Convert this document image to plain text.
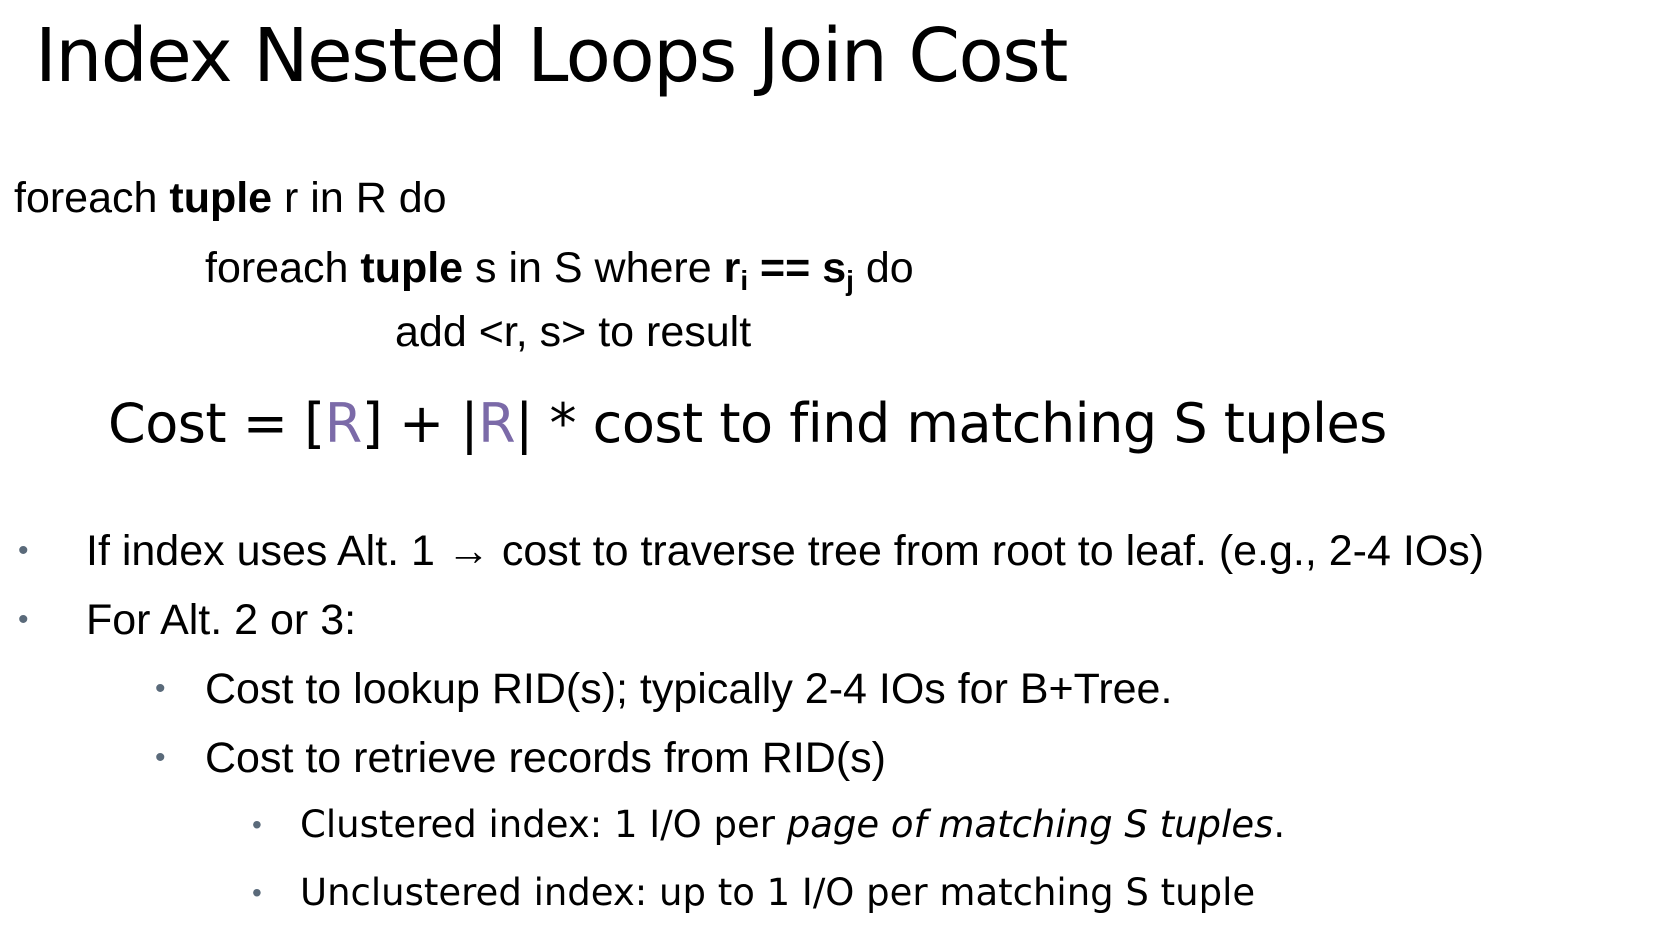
Index Nested Loops Join Cost
foreach tuple r in R do
foreach tuple s in S where $r_i == s_j$ do
add <r, s> to result
Cost = [R] + |R| * cost to find matching S tuples
• If index uses Alt. 1 → cost to traverse tree from root to leaf. (e.g., 2-4 IOs)
• For Alt. 2 or 3:
• Cost to lookup RID(s); typically 2-4 IOs for B+Tree.
• Cost to retrieve records from RID(s)
• Clustered index: 1 I/O per page of matching S tuples.
• Unclustered index: up to 1 I/O per matching S tuple
